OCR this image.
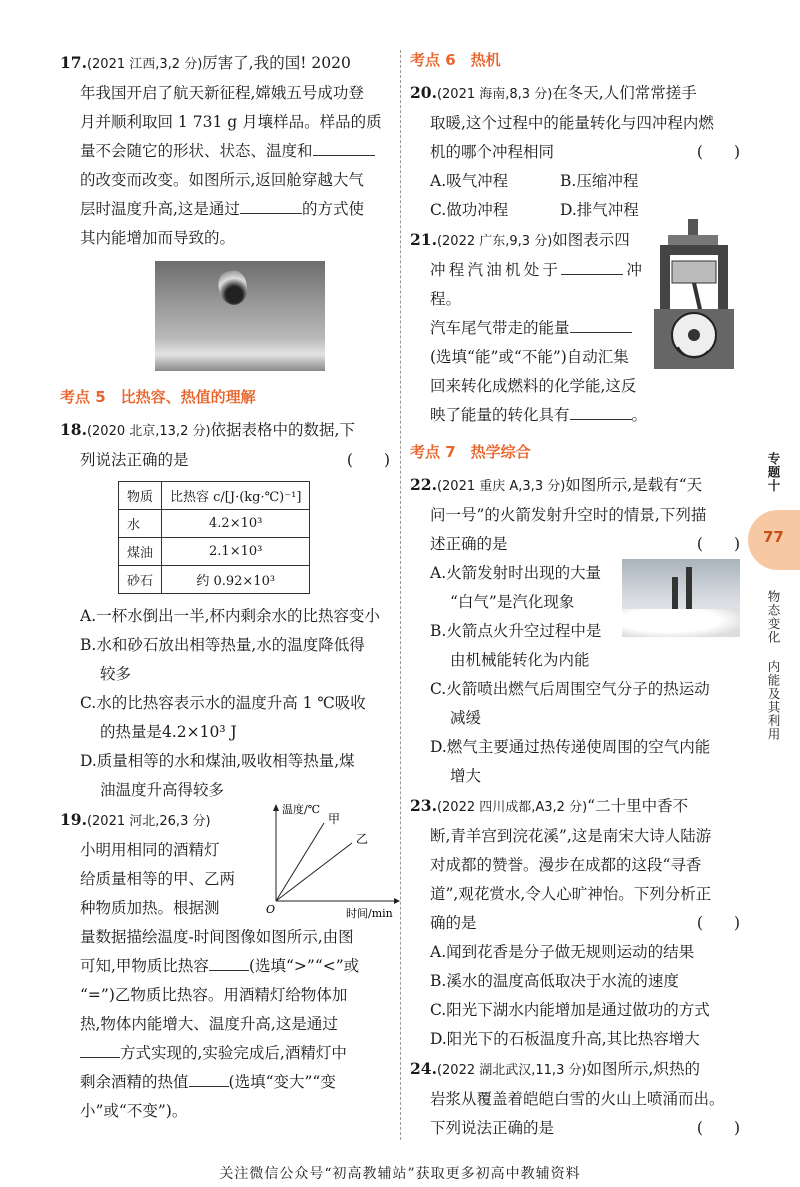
17.(2021 江西,3,2 分)厉害了,我的国! 2020

年我国开启了航天新征程,嫦娥五号成功登

月并顺利取回 1 731 g 月壤样品。样品的质

量不会随它的形状、状态、温度和

的改变而改变。如图所示,返回舱穿越大气

层时温度升高,这是通过	的方式使

其内能增加而导致的。

考点 5　比热容、热值的理解

18.(2020 北京,13,2 分)依据表格中的数据,下

列说法正确的是	(　　)

物质	比热容 c/[J·(kg·℃)⁻¹]
水	4.2×10³
煤油	2.1×10³
砂石	约 0.92×10³

A.一杯水倒出一半,杯内剩余水的比热容变小

B.水和砂石放出相等热量,水的温度降低得

较多

C.水的比热容表示水的温度升高 1 ℃吸收

的热量是4.2×10³ J

D.质量相等的水和煤油,吸收相等热量,煤

油温度升高得较多

温度/℃
甲
乙
O	时间/min

19.(2021 河北,26,3 分)

小明用相同的酒精灯

给质量相等的甲、乙两

种物质加热。根据测

量数据描绘温度-时间图像如图所示,由图

可知,甲物质比热容	(选填“>”“<”或

“=”)乙物质比热容。用酒精灯给物体加

热,物体内能增大、温度升高,这是通过

方式实现的,实验完成后,酒精灯中

剩余酒精的热值	(选填“变大”“变

小”或“不变”)。

考点 6　热机

20.(2021 海南,8,3 分)在冬天,人们常常搓手

取暖,这个过程中的能量转化与四冲程内燃

机的哪个冲程相同	(　　)

A.吸气冲程	B.压缩冲程

C.做功冲程	D.排气冲程

21.(2022 广东,9,3 分)如图表示四

冲程汽油机处于	冲程。

汽车尾气带走的能量

(选填“能”或“不能”)自动汇集

回来转化成燃料的化学能,这反

映了能量的转化具有	。

考点 7　热学综合

22.(2021 重庆 A,3,3 分)如图所示,是载有“天

问一号”的火箭发射升空时的情景,下列描

述正确的是	(　　)

A.火箭发射时出现的大量

“白气”是汽化现象

B.火箭点火升空过程中是

由机械能转化为内能

C.火箭喷出燃气后周围空气分子的热运动

减缓

D.燃气主要通过热传递使周围的空气内能

增大

23.(2022 四川成都,A3,2 分)“二十里中香不

断,青羊宫到浣花溪”,这是南宋大诗人陆游

对成都的赞誉。漫步在成都的这段“寻香

道”,观花赏水,令人心旷神怡。下列分析正

确的是	(　　)

A.闻到花香是分子做无规则运动的结果

B.溪水的温度高低取决于水流的速度

C.阳光下湖水内能增加是通过做功的方式

D.阳光下的石板温度升高,其比热容增大

24.(2022 湖北武汉,11,3 分)如图所示,炽热的

岩浆从覆盖着皑皑白雪的火山上喷涌而出。

下列说法正确的是	(　　)

专题十
77
物态变化
内能及其利用
关注微信公众号“初高教辅站”获取更多初高中教辅资料
